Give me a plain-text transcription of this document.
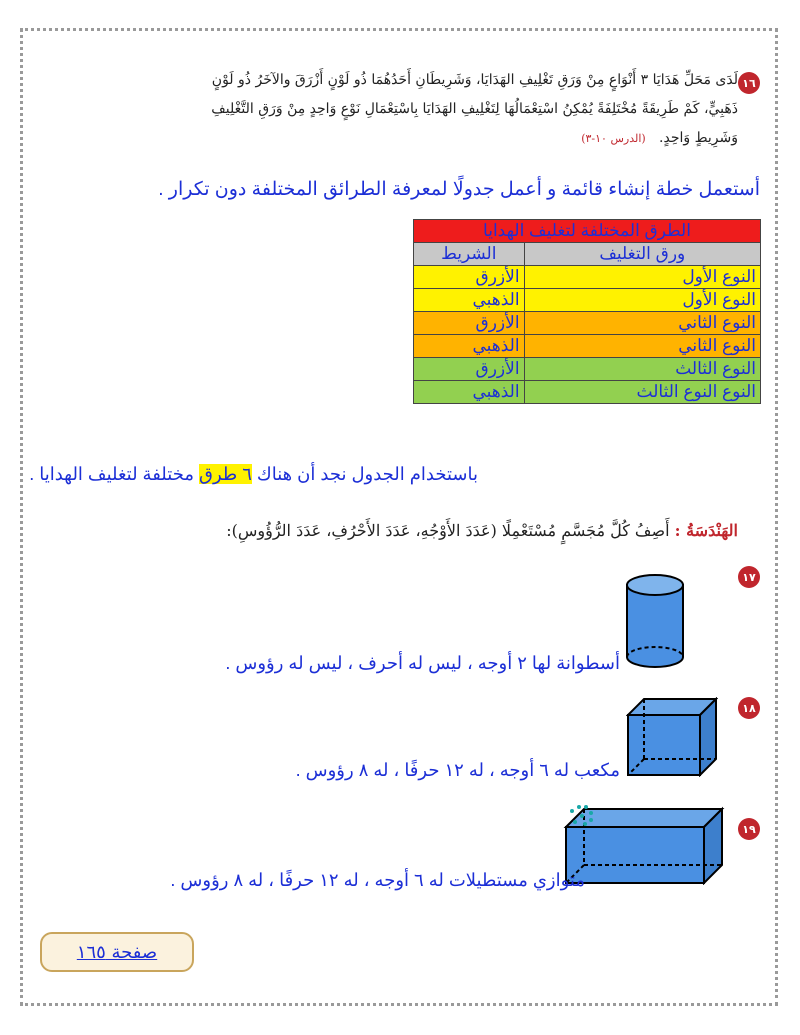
١٦
لَدَى مَحَلِّ هَدَايَا ٣ أَنْوَاعٍ مِنْ وَرَقِ تَغْلِيفِ الهَدَايَا، وَشَرِيطَانِ أَحَدُهُمَا ذُو لَوْنٍ أَزْرَقَ والآخَرُ ذُو لَوْنٍ
ذَهَبِيٍّ، كَمْ طَرِيقَةً مُخْتَلِفَةً يُمْكِنُ اسْتِعْمَالُهَا لِتَغْلِيفِ الهَدَايَا بِاسْتِعْمَالِ نَوْعٍ وَاحِدٍ مِنْ وَرَقِ التَّغْلِيفِ
وَشَرِيطٍ وَاحِدٍ.   (الدرس ١٠-٣)
أستعمل خطة إنشاء قائمة و أعمل جدولًا لمعرفة الطرائق المختلفة دون تكرار .
الطرق المختلفة لتغليف الهدايا	
ورق التغليف	الشريط
النوع الأول	الأزرق
النوع الأول	الذهبي
النوع الثاني	الأزرق
النوع الثاني	الذهبي
النوع الثالث	الأزرق
النوع النوع الثالث	الذهبي
باستخدام الجدول نجد أن هناك ٦ طرق مختلفة لتغليف الهدايا .
الهَنْدَسَةُ : أَصِفُ كُلَّ مُجَسَّمٍ مُسْتَعْمِلًا (عَدَدَ الأَوْجُهِ، عَدَدَ الأَحْرُفِ، عَدَدَ الرُّؤُوسِ):
١٧
أسطوانة لها ٢ أوجه ، ليس له أحرف ، ليس له رؤوس .
١٨
مكعب له ٦ أوجه ، له ١٢ حرفًا ، له ٨ رؤوس .
١٩
متوازي مستطيلات له ٦ أوجه ، له ١٢ حرفًا ، له ٨ رؤوس .
صفحة ١٦٥
